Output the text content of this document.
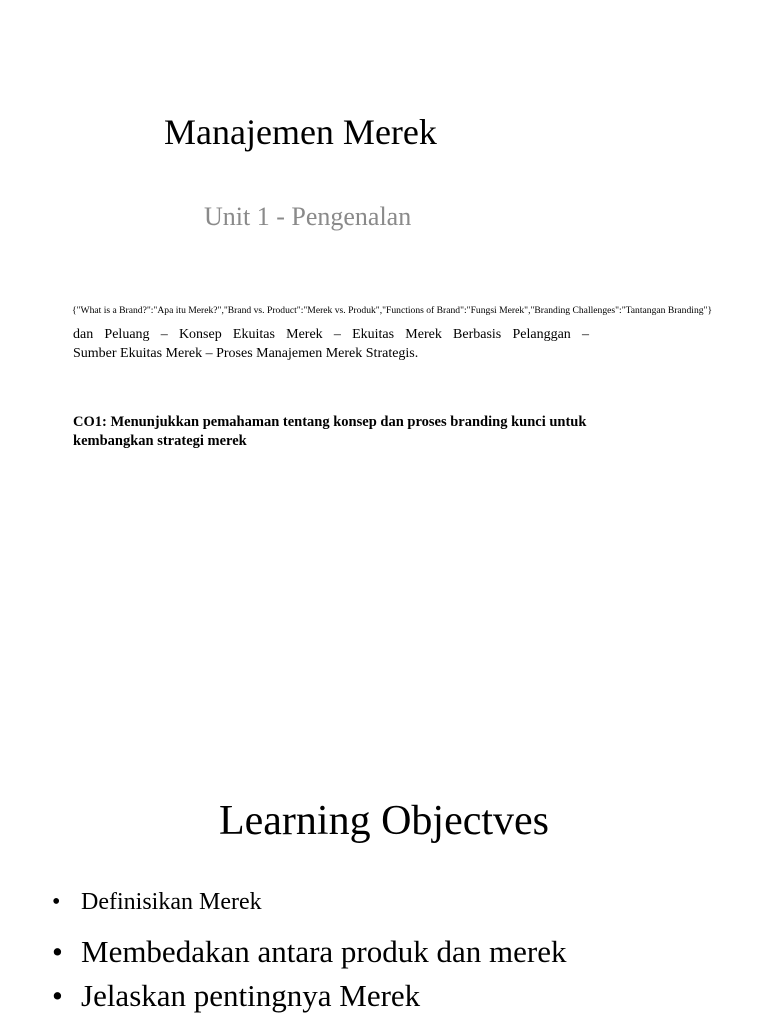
Manajemen Merek
Unit 1 - Pengenalan
{"What is a Brand?":"Apa itu Merek?","Brand vs. Product":"Merek vs. Produk","Functions of Brand":"Fungsi Merek","Branding Challenges":"Tantangan Branding"}
dan Peluang – Konsep Ekuitas Merek – Ekuitas Merek Berbasis Pelanggan –
Sumber Ekuitas Merek – Proses Manajemen Merek Strategis.
CO1: Menunjukkan pemahaman tentang konsep dan proses branding kunci untuk kembangkan strategi merek
Learning Objectves
• Definisikan Merek
• Membedakan antara produk dan merek
• Jelaskan pentingnya Merek
